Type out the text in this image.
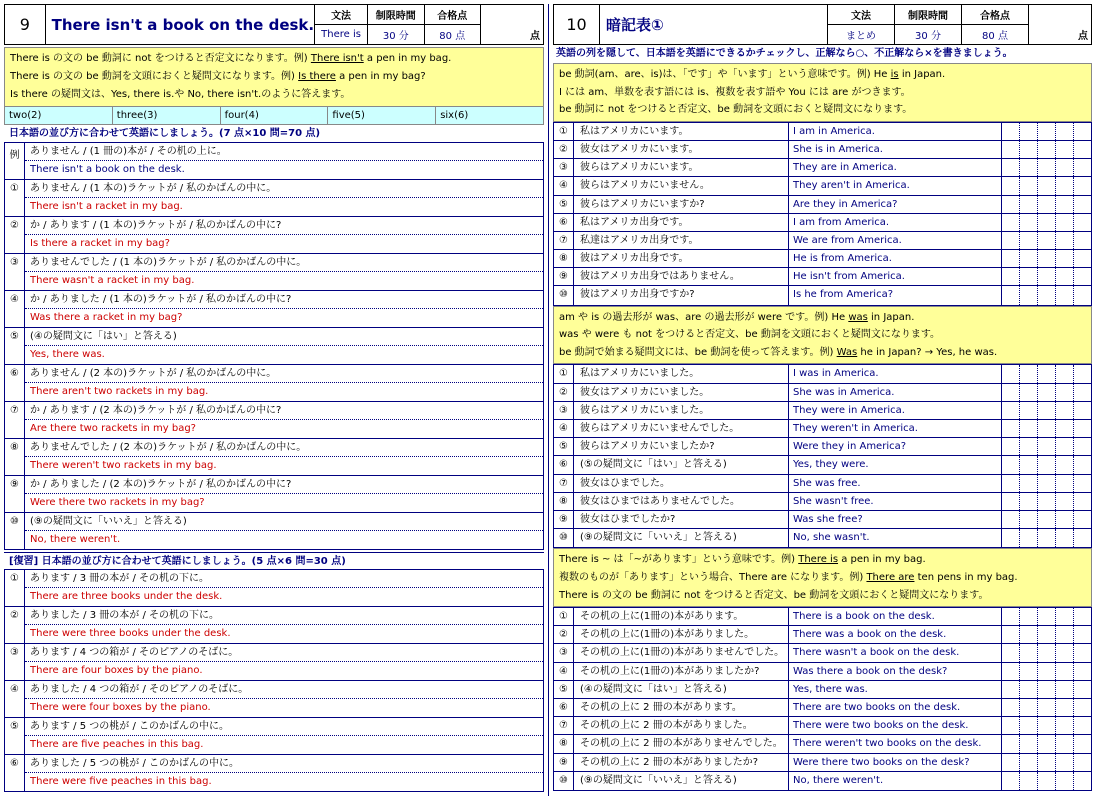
9	There isn't a book on the desk.	文法
There is
制限時間
30 分
合格点
80 点	点
There is の文の be 動詞に not をつけると否定文になります。例) There isn't a pen in my bag.
There is の文の be 動詞を文頭におくと疑問文になります。例) Is there a pen in my bag?
Is there の疑問文は、Yes, there is.や No, there isn't.のように答えます。
two(2)	three(3)	four(4)	five(5)	six(6)
日本語の並び方に合わせて英語にしましょう。(7 点×10 問=70 点)
例	ありません / (1 冊の)本が / その机の上に。
There isn't a book on the desk.
①	ありません / (1 本の)ラケットが / 私のかばんの中に。
There isn't a racket in my bag.
②	か / あります / (1 本の)ラケットが / 私のかばんの中に?
Is there a racket in my bag?
③	ありませんでした / (1 本の)ラケットが / 私のかばんの中に。
There wasn't a racket in my bag.
④	か / ありました / (1 本の)ラケットが / 私のかばんの中に?
Was there a racket in my bag?
⑤	(④の疑問文に「はい」と答える)
Yes, there was.
⑥	ありません / (2 本の)ラケットが / 私のかばんの中に。
There aren't two rackets in my bag.
⑦	か / あります / (2 本の)ラケットが / 私のかばんの中に?
Are there two rackets in my bag?
⑧	ありませんでした / (2 本の)ラケットが / 私のかばんの中に。
There weren't two rackets in my bag.
⑨	か / ありました / (2 本の)ラケットが / 私のかばんの中に?
Were there two rackets in my bag?
⑩	(⑨の疑問文に「いいえ」と答える)
No, there weren't.
[復習] 日本語の並び方に合わせて英語にしましょう。(5 点×6 問=30 点)
①	あります / 3 冊の本が / その机の下に。
There are three books under the desk.
②	ありました / 3 冊の本が / その机の下に。
There were three books under the desk.
③	あります / 4 つの箱が / そのピアノのそばに。
There are four boxes by the piano.
④	ありました / 4 つの箱が / そのピアノのそばに。
There were four boxes by the piano.
⑤	あります / 5 つの桃が / このかばんの中に。
There are five peaches in this bag.
⑥	ありました / 5 つの桃が / このかばんの中に。
There were five peaches in this bag.
10	暗記表①	文法
まとめ
制限時間
30 分
合格点
80 点	点
英語の列を隠して、日本語を英語にできるかチェックし、正解なら○、不正解なら×を書きましょう。
be 動詞(am、are、is)は、「です」や「います」という意味です。例) He is in Japan.
I には am、単数を表す語には is、複数を表す語や You には are がつきます。
be 動詞に not をつけると否定文、be 動詞を文頭におくと疑問文になります。
①	私はアメリカにいます。	I am in America.
②	彼女はアメリカにいます。	She is in America.
③	彼らはアメリカにいます。	They are in America.
④	彼らはアメリカにいません。	They aren't in America.
⑤	彼らはアメリカにいますか?	Are they in America?
⑥	私はアメリカ出身です。	I am from America.
⑦	私達はアメリカ出身です。	We are from America.
⑧	彼はアメリカ出身です。	He is from America.
⑨	彼はアメリカ出身ではありません。	He isn't from America.
⑩	彼はアメリカ出身ですか?	Is he from America?
am や is の過去形が was、are の過去形が were です。例) He was in Japan.
was や were も not をつけると否定文、be 動詞を文頭におくと疑問文になります。
be 動詞で始まる疑問文には、be 動詞を使って答えます。例) Was he in Japan? → Yes, he was.
①	私はアメリカにいました。	I was in America.
②	彼女はアメリカにいました。	She was in America.
③	彼らはアメリカにいました。	They were in America.
④	彼らはアメリカにいませんでした。	They weren't in America.
⑤	彼らはアメリカにいましたか?	Were they in America?
⑥	(⑤の疑問文に「はい」と答える)	Yes, they were.
⑦	彼女はひまでした。	She was free.
⑧	彼女はひまではありませんでした。	She wasn't free.
⑨	彼女はひまでしたか?	Was she free?
⑩	(⑨の疑問文に「いいえ」と答える)	No, she wasn't.
There is ~ は「~があります」という意味です。例) There is a pen in my bag.
複数のものが「あります」という場合、There are になります。例) There are ten pens in my bag.
There is の文の be 動詞に not をつけると否定文、be 動詞を文頭におくと疑問文になります。
①	その机の上に(1冊の)本があります。	There is a book on the desk.
②	その机の上に(1冊の)本がありました。	There was a book on the desk.
③	その机の上に(1冊の)本がありませんでした。 There wasn't a book on the desk.
④	その机の上に(1冊の)本がありましたか?	Was there a book on the desk?
⑤	(④の疑問文に「はい」と答える)	Yes, there was.
⑥	その机の上に 2 冊の本があります。	There are two books on the desk.
⑦	その机の上に 2 冊の本がありました。	There were two books on the desk.
⑧	その机の上に 2 冊の本がありませんでした。	There weren't two books on the desk.
⑨	その机の上に 2 冊の本がありましたか?	Were there two books on the desk?
⑩	(⑨の疑問文に「いいえ」と答える)	No, there weren't.
